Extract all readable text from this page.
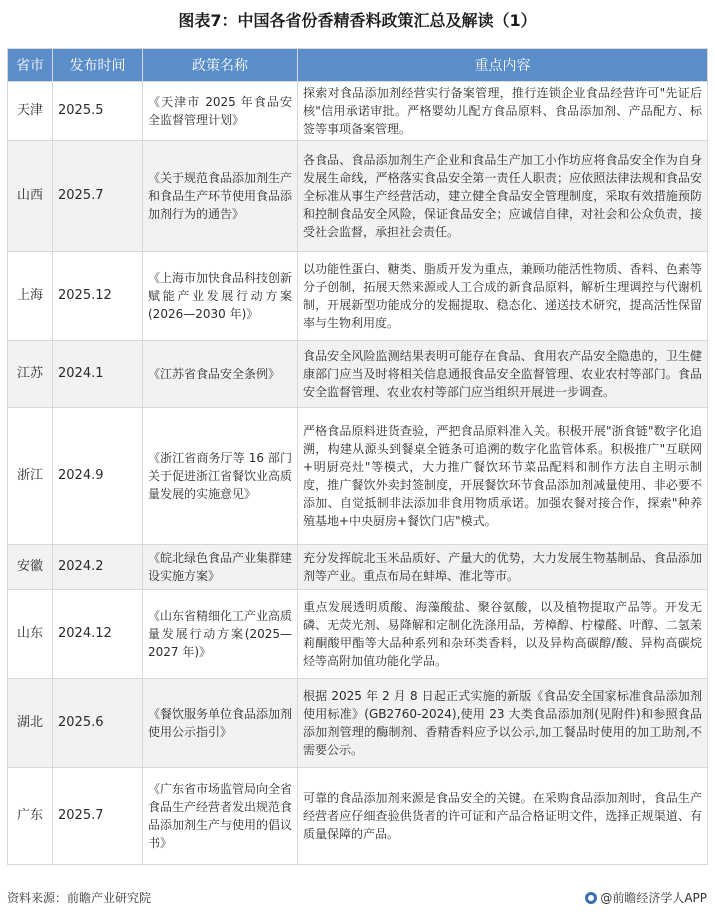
图表7：中国各省份香精香料政策汇总及解读（1）
省市	发布时间	政策名称	重点内容
天津	2025.5	《天津市 2025 年食品安全监督管理计划》	探索对食品添加剂经营实行备案管理，推行连锁企业食品经营许可"先证后核"信用承诺审批。严格婴幼儿配方食品原料、食品添加剂、产品配方、标签等事项备案管理。
山西	2025.7	《关于规范食品添加剂生产和食品生产环节使用食品添加剂行为的通告》	各食品、食品添加剂生产企业和食品生产加工小作坊应将食品安全作为自身发展生命线，严格落实食品安全第一责任人职责；应依照法律法规和食品安全标准从事生产经营活动，建立健全食品安全管理制度，采取有效措施预防和控制食品安全风险，保证食品安全；应诚信自律，对社会和公众负责，接受社会监督，承担社会责任。
上海	2025.12	《上海市加快食品科技创新赋能产业发展行动方案(2026—2030 年)》	以功能性蛋白、糖类、脂质开发为重点，兼顾功能活性物质、香料、色素等分子创制，拓展天然来源或人工合成的新食品原料，解析生理调控与代谢机制，开展新型功能成分的发掘提取、稳态化、递送技术研究，提高活性保留率与生物利用度。
江苏	2024.1	《江苏省食品安全条例》	食品安全风险监测结果表明可能存在食品、食用农产品安全隐患的，卫生健康部门应当及时将相关信息通报食品安全监督管理、农业农村等部门。食品安全监督管理、农业农村等部门应当组织开展进一步调查。
浙江	2024.9	《浙江省商务厅等 16 部门关于促进浙江省餐饮业高质量发展的实施意见》	严格食品原料进货查验，严把食品原料准入关。积极开展"浙食链"数字化追溯，构建从源头到餐桌全链条可追溯的数字化监管体系。积极推广"互联网+明厨亮灶"等模式，大力推广餐饮环节菜品配料和制作方法自主明示制度，推广餐饮外卖封签制度，开展餐饮环节食品添加剂减量使用、非必要不添加、自觉抵制非法添加非食用物质承诺。加强农餐对接合作，探索"种养殖基地+中央厨房+餐饮门店"模式。
安徽	2024.2	《皖北绿色食品产业集群建设实施方案》	充分发挥皖北玉米品质好、产量大的优势，大力发展生物基制品、食品添加剂等产业。重点布局在蚌埠、淮北等市。
山东	2024.12	《山东省精细化工产业高质量发展行动方案(2025—2027 年)》	重点发展透明质酸、海藻酸盐、聚谷氨酸，以及植物提取产品等。开发无磷、无荧光剂、易降解和定制化洗涤用品，芳樟醇、柠檬醛、叶醇、二氢茉莉酮酸甲酯等大品种系列和杂环类香料，以及异构高碳醇/酸、异构高碳烷烃等高附加值功能化学品。
湖北	2025.6	《餐饮服务单位食品添加剂使用公示指引》	根据 2025 年 2 月 8 日起正式实施的新版《食品安全国家标准食品添加剂使用标准》(GB2760-2024),使用 23 大类食品添加剂(见附件)和参照食品添加剂管理的酶制剂、香精香料应予以公示,加工餐品时使用的加工助剂,不需要公示。
广东	2025.7	《广东省市场监管局向全省食品生产经营者发出规范食品添加剂生产与使用的倡议书》	可靠的食品添加剂来源是食品安全的关键。在采购食品添加剂时，食品生产经营者应仔细查验供货者的许可证和产品合格证明文件，选择正规渠道、有质量保障的产品。
资料来源：前瞻产业研究院	@前瞻经济学人APP
